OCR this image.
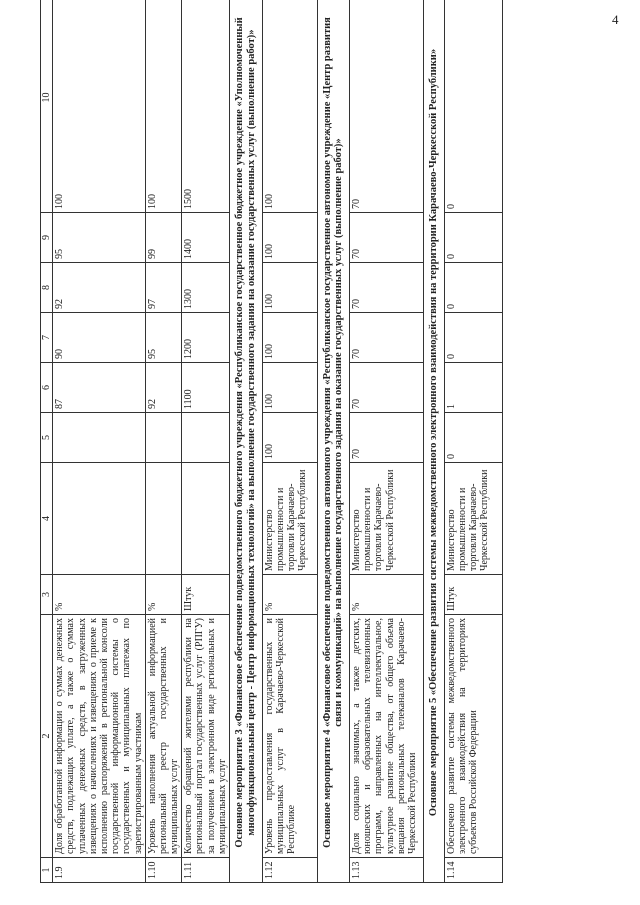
4
1	2	3	4	5	6	7	8	9	10
1.9	Доля обработанной информации о суммах денежных средств, подлежащих уплате, а также о суммах уплаченных денежных средств, в загруженных извещениях о начислениях и извещениях о приеме к исполнению распоряжений в региональной консоли государственной информационной системы о государственных и муниципальных платежах по зарегистрированным участникам	%			87	90	92	95	100
1.10	Уровень наполнения актуальной информацией региональный реестр государственных и муниципальных услуг	%			92	95	97	99	100
1.11	Количество обращений жителями республики на региональный портал государственных услуг (РПГУ) за получением в электронном виде региональных и муниципальных услуг	Штук			1100	1200	1300	1400	1500
Основное мероприятие 3 «Финансовое обеспечение подведомственного бюджетного учреждения «Республиканское государственное бюджетное учреждение «Уполномоченный многофункциональный центр - Центр информационных технологий» на выполнение государственного задания на оказание государственных услуг (выполнение работ)»									
1.12	Уровень предоставления государственных и муниципальных услуг в Карачаево-Черкесской Республике	%	Министерство промышленности и торговли Карачаево-Черкесской Республики	100	100	100	100	100	100
Основное мероприятие 4 «Финансовое обеспечение подведомственного автономного учреждения «Республиканское государственное автономное учреждение «Центр развития связи и коммуникаций» на выполнение государственного задания на оказание государственных услуг (выполнение работ)»									
1.13	Доля социально значимых, а также детских, юношеских и образовательных телевизионных программ, направленных на интеллектуальное, культурное развитие общества, от общего объема вещания региональных телеканалов Карачаево-Черкесской Республики	%	Министерство промышленности и торговли Карачаево-Черкесской Республики	70	70	70	70	70	70
Основное мероприятие 5 «Обеспечение развития системы межведомственного электронного взаимодействия на территории Карачаево-Черкесской Республики»									
1.14	Обеспечено развитие системы межведомственного электронного взаимодействия на территориях субъектов Российской Федерации	Штук	Министерство промышленности и торговли Карачаево-Черкесской Республики	0	1	0	0	0	0
